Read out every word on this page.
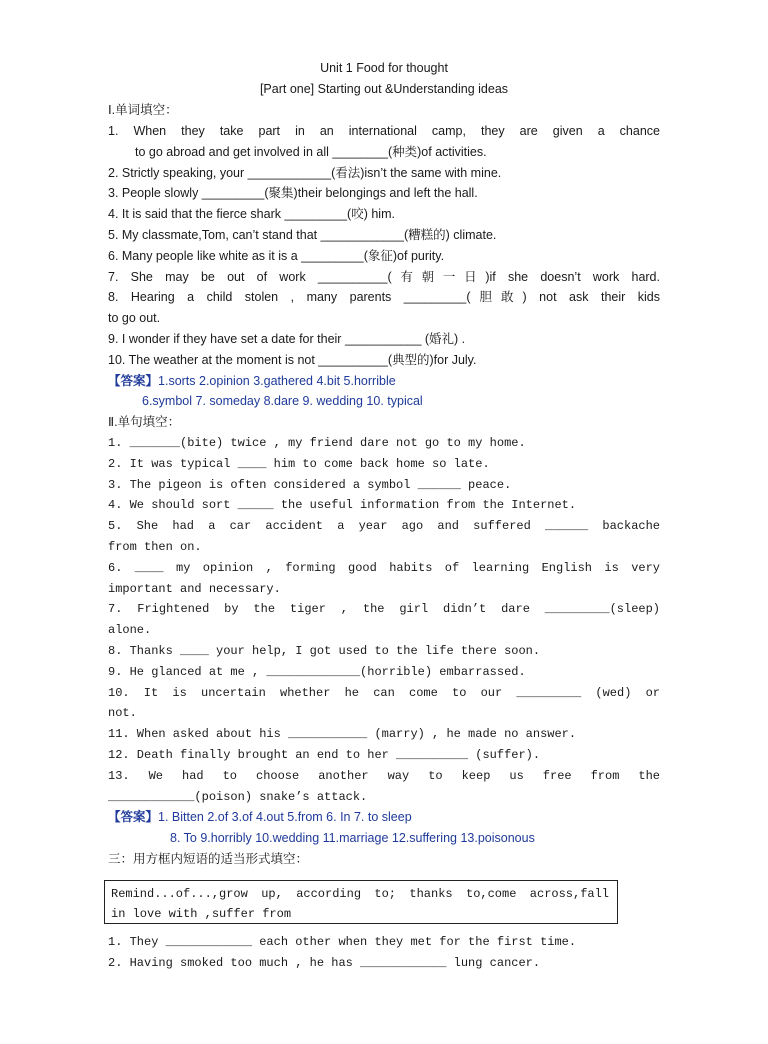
Unit 1 Food for thought
[Part one] Starting out &Understanding ideas
Ⅰ.单词填空：
1. When they take part in an international camp, they are given a chance
to go abroad and get involved in all ________(种类)of activities.
2. Strictly speaking, your ____________(看法)isn’t the same with mine.
3. People slowly _________(聚集)their belongings and left the hall.
4. It is said that the fierce shark _________(咬) him.
5. My classmate,Tom, can’t stand that ____________(糟糕的) climate.
6. Many people like white as it is a _________(象征)of purity.
7. She may be out of work __________(有朝一日)if she doesn’t work hard.
8. Hearing a child stolen , many parents _________(胆敢) not ask their kids
to go out.
9. I wonder if they have set a date for their ___________ (婚礼) .
10. The weather at the moment is not __________(典型的)for July.
【答案】1.sorts 2.opinion 3.gathered 4.bit 5.horrible
6.symbol 7. someday 8.dare 9. wedding 10. typical
Ⅱ.单句填空：
1. _______(bite) twice , my friend dare not go to my home.
2. It was typical ____ him to come back home so late.
3. The pigeon is often considered a symbol ______ peace.
4. We should sort _____ the useful information from the Internet.
5. She had a car accident a year ago and suffered ______ backache
from then on.
6. ____ my opinion , forming good habits of learning English is very
important and necessary.
7. Frightened by the tiger , the girl didn’t dare _________(sleep)
alone.
8. Thanks ____ your help, I got used to the life there soon.
9. He glanced at me , _____________(horrible) embarrassed.
10. It is uncertain whether he can come to our _________ (wed) or
not.
11. When asked about his ___________ (marry) , he made no answer.
12. Death finally brought an end to her __________ (suffer).
13. We had to choose another way to keep us free from the
____________(poison) snake’s attack.
【答案】1. Bitten 2.of 3.of 4.out 5.from 6. In 7. to sleep
8. To 9.horribly 10.wedding 11.marriage 12.suffering 13.poisonous
三：用方框内短语的适当形式填空：
Remind...of...,grow up, according to; thanks to,come across,fall
in love with ,suffer from
1. They ____________ each other when they met for the first time.
2. Having smoked too much , he has ____________ lung cancer.
